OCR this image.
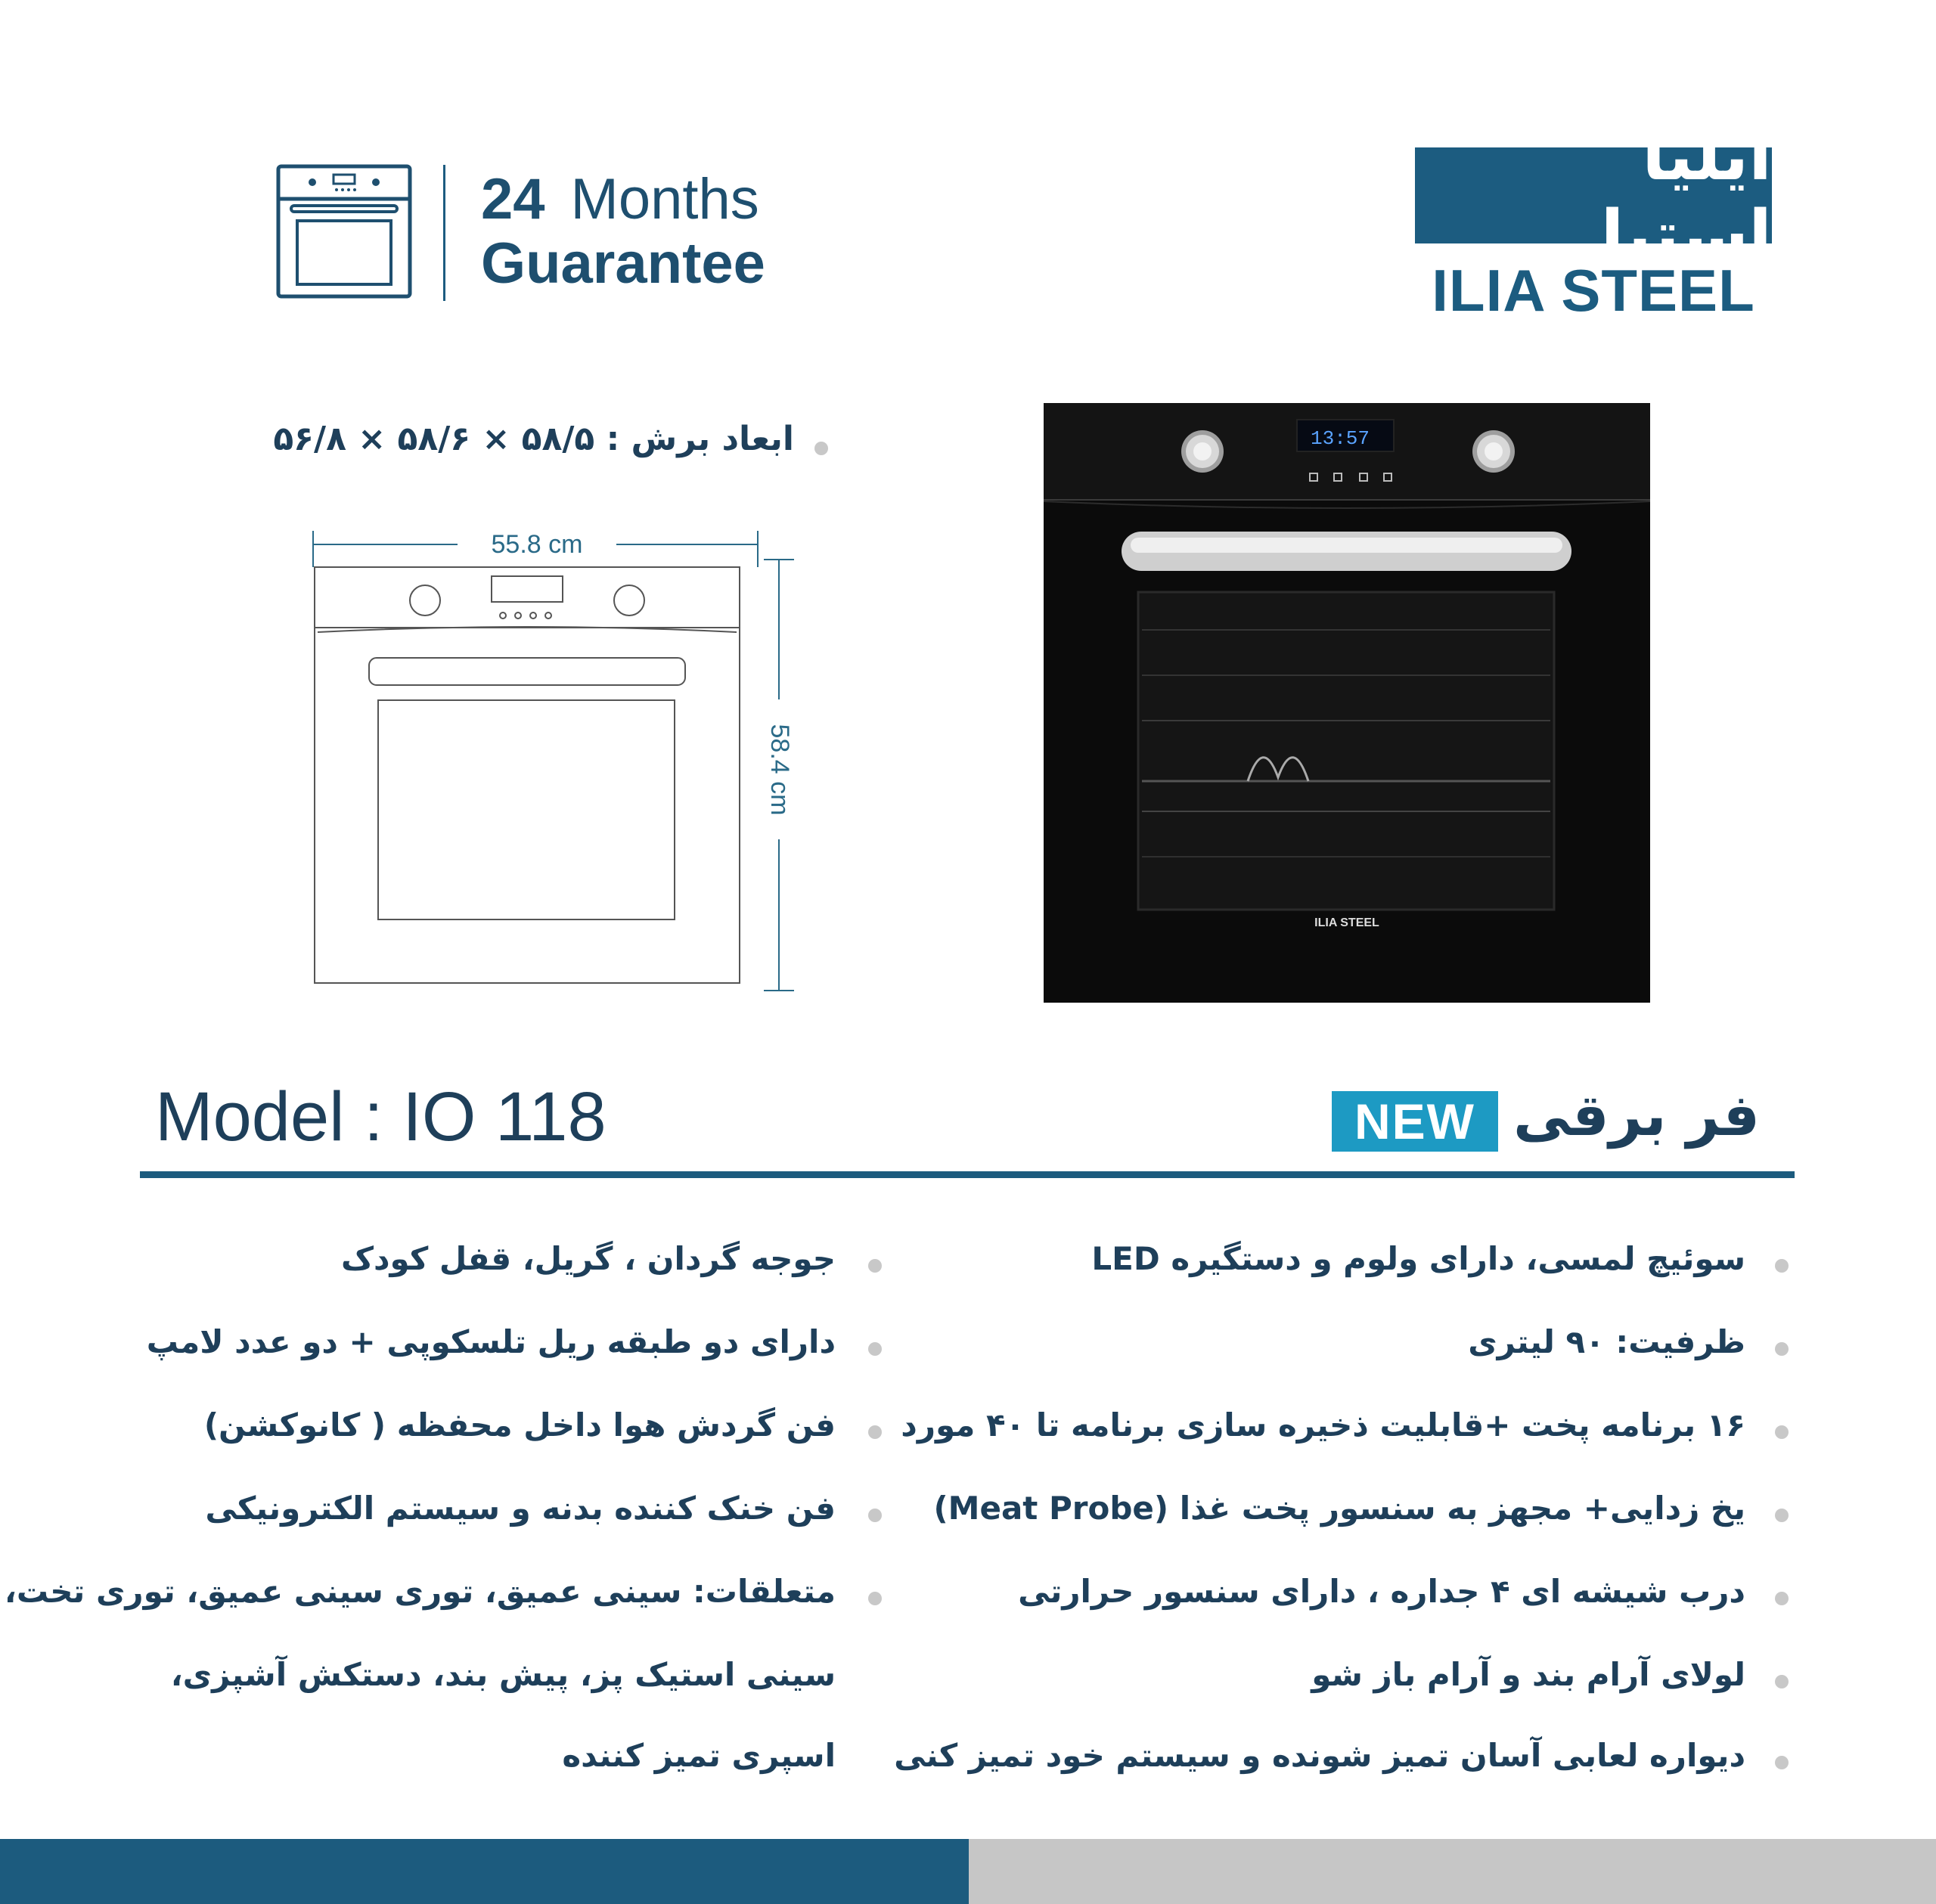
24 Months
Guarantee
ایلیا استیل
ILIA STEEL
ابعاد برش : ۵۸/۵ × ۵۸/۶ × ۵۶/۸
55.8 cm
58.4 cm
13:57
ILIA STEEL
Model : IO 118	NEW فر برقی
سوئیچ لمسی، دارای ولوم و دستگیره LED
ظرفیت: ۹۰ لیتری
۱۶ برنامه پخت +قابلیت ذخیره سازی برنامه تا ۴۰ مورد
یخ زدایی+ مجهز به سنسور پخت غذا (Meat Probe)
درب شیشه ای ۴ جداره ، دارای سنسور حرارتی
لولای آرام بند و آرام باز شو
دیواره لعابی آسان تمیز شونده و سیستم خود تمیز کنی
جوجه گردان ، گریل، قفل کودک
دارای دو طبقه ریل تلسکوپی + دو عدد لامپ
فن گردش هوا داخل محفظه ( کانوکشن)
فن خنک کننده بدنه و سیستم الکترونیکی
متعلقات: سینی عمیق، توری سینی عمیق، توری تخت،
سینی استیک پز، پیش بند، دستکش آشپزی،
اسپری تمیز کننده
